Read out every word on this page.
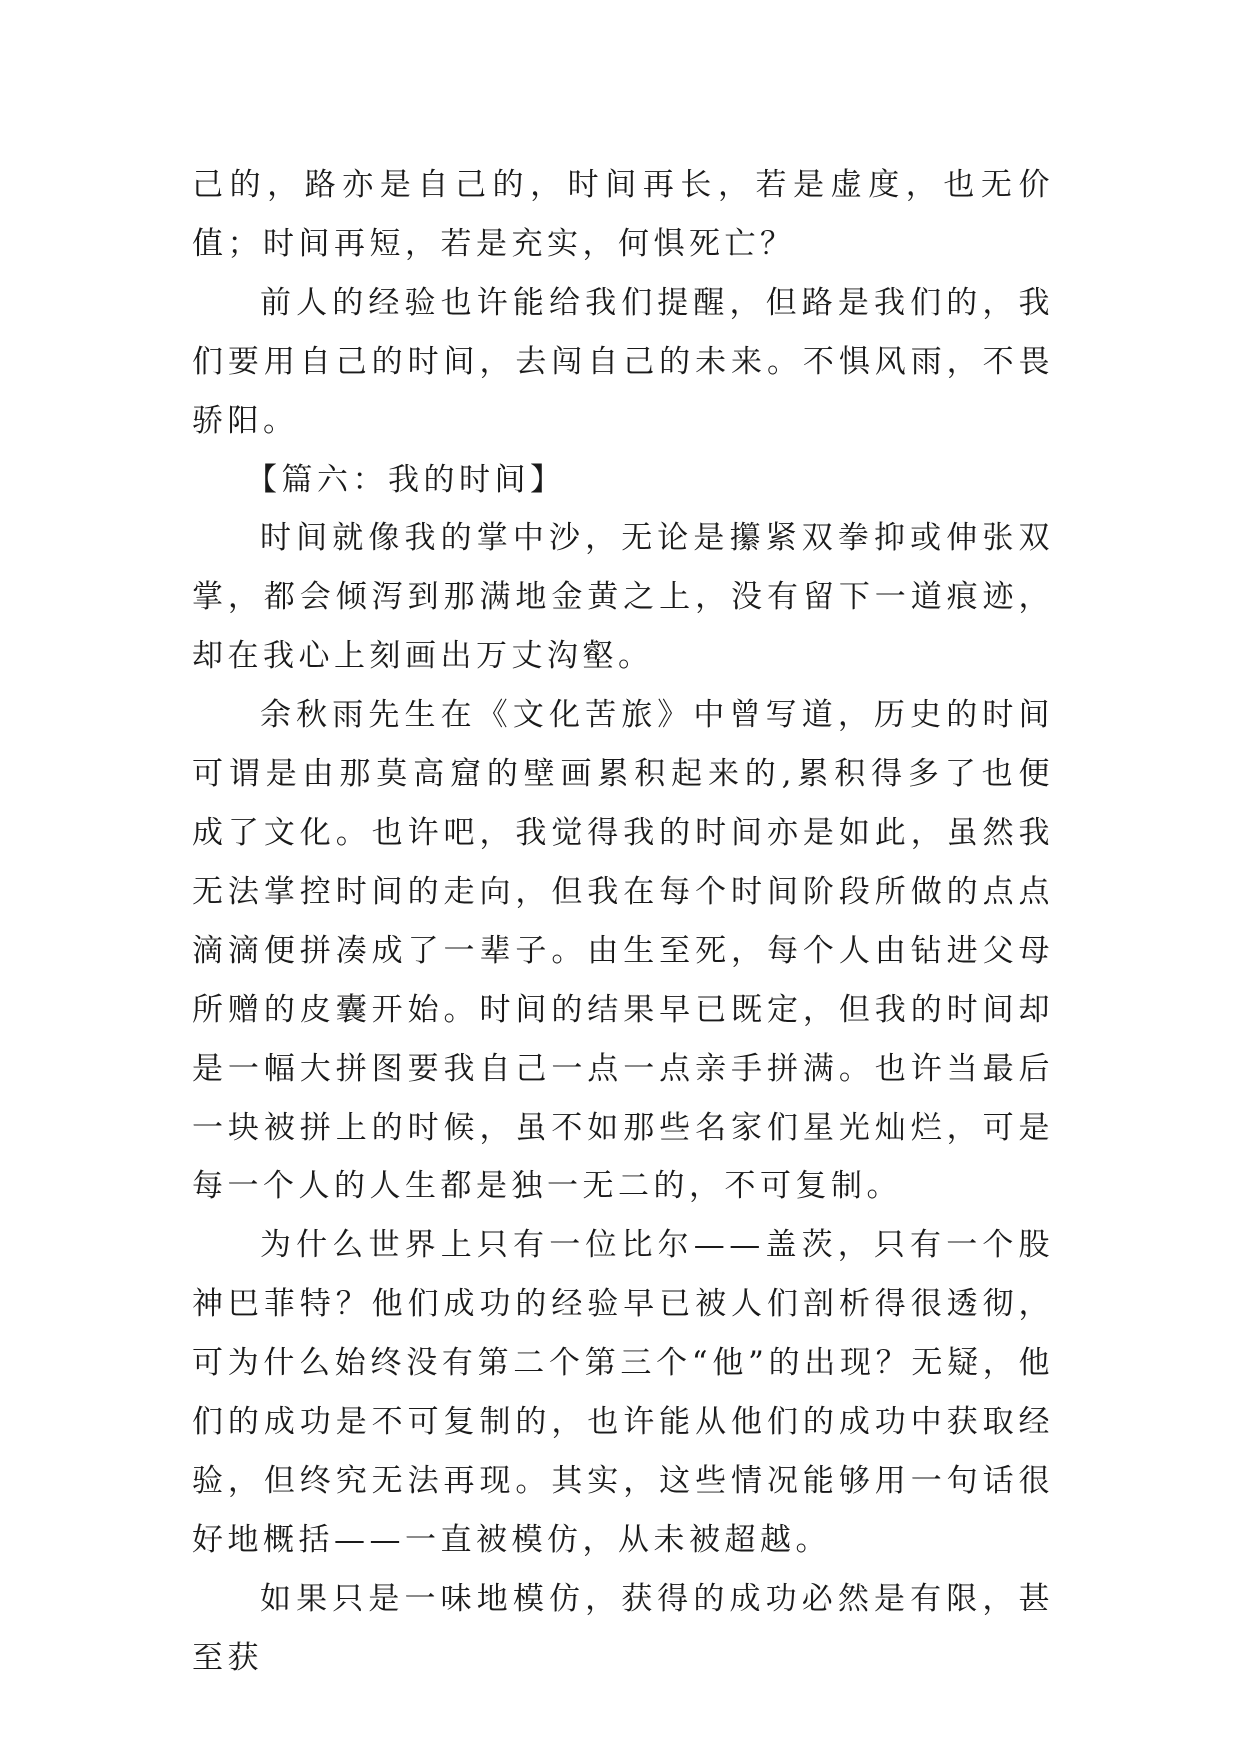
己的，路亦是自己的，时间再长，若是虚度，也无价值；时间再短，若是充实，何惧死亡？

前人的经验也许能给我们提醒，但路是我们的，我们要用自己的时间，去闯自己的未来。不惧风雨，不畏骄阳。

【篇六：我的时间】

时间就像我的掌中沙，无论是攥紧双拳抑或伸张双掌，都会倾泻到那满地金黄之上，没有留下一道痕迹，却在我心上刻画出万丈沟壑。

余秋雨先生在《文化苦旅》中曾写道，历史的时间可谓是由那莫高窟的壁画累积起来的,累积得多了也便成了文化。也许吧，我觉得我的时间亦是如此，虽然我无法掌控时间的走向，但我在每个时间阶段所做的点点滴滴便拼凑成了一辈子。由生至死，每个人由钻进父母所赠的皮囊开始。时间的结果早已既定，但我的时间却是一幅大拼图要我自己一点一点亲手拼满。也许当最后一块被拼上的时候，虽不如那些名家们星光灿烂，可是每一个人的人生都是独一无二的，不可复制。

为什么世界上只有一位比尔——盖茨，只有一个股神巴菲特？他们成功的经验早已被人们剖析得很透彻，可为什么始终没有第二个第三个“他”的出现？无疑，他们的成功是不可复制的，也许能从他们的成功中获取经验，但终究无法再现。其实，这些情况能够用一句话很好地概括——一直被模仿，从未被超越。

如果只是一味地模仿，获得的成功必然是有限，甚至获
